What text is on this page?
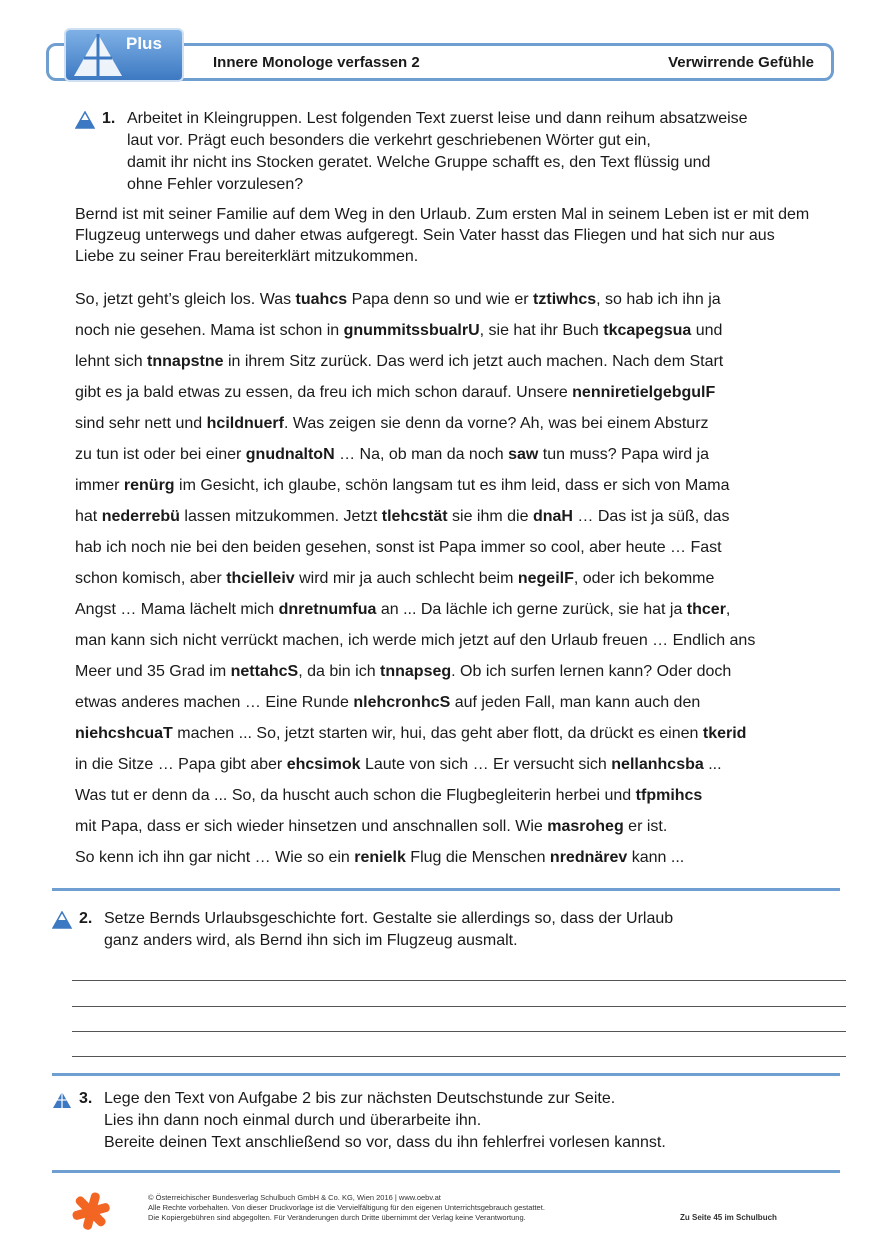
Plus
Innere Monologe verfassen 2	Verwirrende Gefühle
1. Arbeitet in Kleingruppen. Lest folgenden Text zuerst leise und dann reihum absatzweise
laut vor. Prägt euch besonders die verkehrt geschriebenen Wörter gut ein,
damit ihr nicht ins Stocken geratet. Welche Gruppe schafft es, den Text flüssig und
ohne Fehler vorzulesen?
Bernd ist mit seiner Familie auf dem Weg in den Urlaub. Zum ersten Mal in seinem Leben ist er mit dem Flugzeug unterwegs und daher etwas aufgeregt. Sein Vater hasst das Fliegen und hat sich nur aus Liebe zu seiner Frau bereiterklärt mitzukommen.
So, jetzt geht’s gleich los. Was tuahcs Papa denn so und wie er tztiwhcs, so hab ich ihn ja
noch nie gesehen. Mama ist schon in gnummitssbualrU, sie hat ihr Buch tkcapegsua und
lehnt sich tnnapstne in ihrem Sitz zurück. Das werd ich jetzt auch machen. Nach dem Start
gibt es ja bald etwas zu essen, da freu ich mich schon darauf. Unsere nenniretielgebgulF
sind sehr nett und hcildnuerf. Was zeigen sie denn da vorne? Ah, was bei einem Absturz
zu tun ist oder bei einer gnudnaltoN … Na, ob man da noch saw tun muss? Papa wird ja
immer renürg im Gesicht, ich glaube, schön langsam tut es ihm leid, dass er sich von Mama
hat nederrebü lassen mitzukommen. Jetzt tlehcstät sie ihm die dnaH … Das ist ja süß, das
hab ich noch nie bei den beiden gesehen, sonst ist Papa immer so cool, aber heute … Fast
schon komisch, aber thcielleiv wird mir ja auch schlecht beim negeilF, oder ich bekomme
Angst … Mama lächelt mich dnretnumfua an ... Da lächle ich gerne zurück, sie hat ja thcer,
man kann sich nicht verrückt machen, ich werde mich jetzt auf den Urlaub freuen … Endlich ans
Meer und 35 Grad im nettahcS, da bin ich tnnapseg. Ob ich surfen lernen kann? Oder doch
etwas anderes machen … Eine Runde nlehcronhcS auf jeden Fall, man kann auch den
niehcshcuaT machen ... So, jetzt starten wir, hui, das geht aber flott, da drückt es einen tkerid
in die Sitze … Papa gibt aber ehcsimok Laute von sich … Er versucht sich nellanhcsba ...
Was tut er denn da ... So, da huscht auch schon die Flugbegleiterin herbei und tfpmihcs
mit Papa, dass er sich wieder hinsetzen und anschnallen soll. Wie masroheg er ist.
So kenn ich ihn gar nicht … Wie so ein renielk Flug die Menschen nrednärev kann ...
2. Setze Bernds Urlaubsgeschichte fort. Gestalte sie allerdings so, dass der Urlaub
ganz anders wird, als Bernd ihn sich im Flugzeug ausmalt.
3. Lege den Text von Aufgabe 2 bis zur nächsten Deutschstunde zur Seite.
Lies ihn dann noch einmal durch und überarbeite ihn.
Bereite deinen Text anschließend so vor, dass du ihn fehlerfrei vorlesen kannst.
© Österreichischer Bundesverlag Schulbuch GmbH & Co. KG, Wien 2016 | www.oebv.at
Alle Rechte vorbehalten. Von dieser Druckvorlage ist die Vervielfältigung für den eigenen Unterrichtsgebrauch gestattet.
Die Kopiergebühren sind abgegolten. Für Veränderungen durch Dritte übernimmt der Verlag keine Verantwortung.	Zu Seite 45 im Schulbuch
